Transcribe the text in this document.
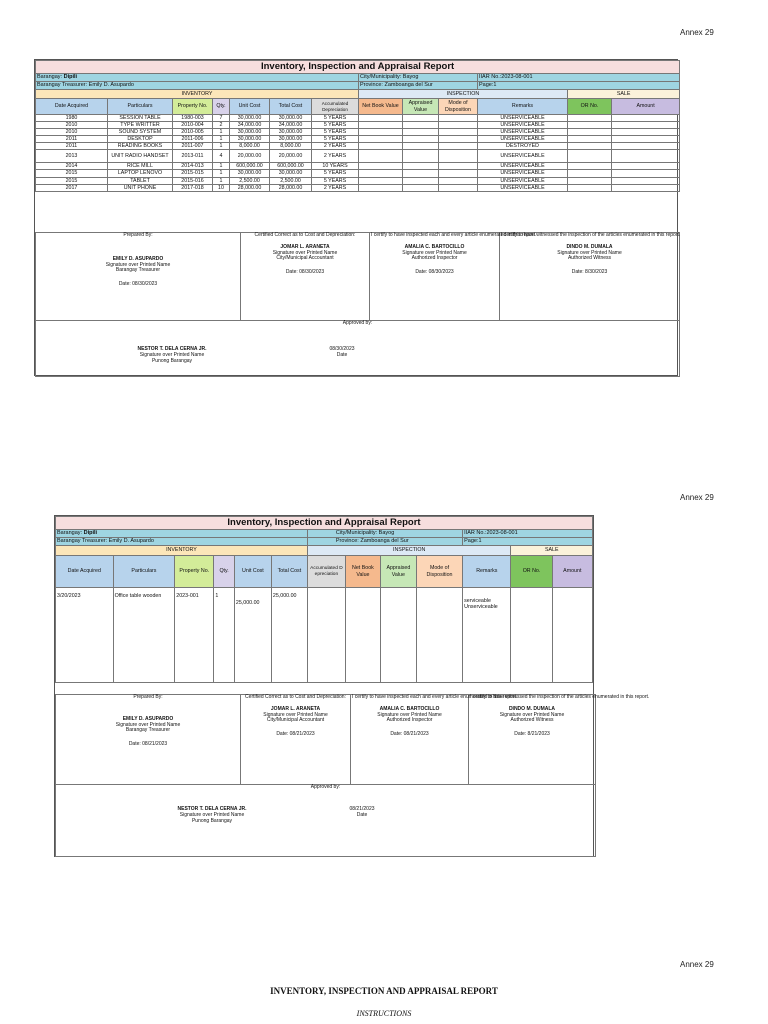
Annex 29
Annex 29
Annex 29
Inventory, Inspection and Appraisal Report												
Barangay: Dipili							City/Municipality: Bayog			IIAR No.:2023-08-001		
Barangay Treasurer: Emily D. Asupardo							Province: Zamboanga del Sur			Page:1		
INVENTORY							INSPECTION				SALE	
Date Acquired	Particulars	Property No.	Qty.	Unit Cost	Total Cost	Accumulated Depreciation	Net Book Value	Appraised Value	Mode of Disposition	Remarks	OR No.	Amount
1980	SESSION TABLE	1980-003	7	30,000.00	30,000.00	5 YEARS				UNSERVICEABLE		
2010	TYPE WRITTER	2010-004	2	34,000.00	34,000.00	5 YEARS				UNSERVICEABLE		
2010	SOUND SYSTEM	2010-005	1	30,000.00	30,000.00	5 YEARS				UNSERVICEABLE		
2011	DESKTOP	2011-006	1	30,000.00	30,000.00	5 YEARS				UNSERVICEABLE		
2011	READING BOOKS	2011-007	1	8,000.00	8,000.00	2 YEARS				DESTROYED		
2013	UNIT RADIO HANDSET	2013-011	4	20,000.00	20,000.00	2 YEARS				UNSERVICEABLE		
2014	RICE MILL	2014-013	1	600,000.00	600,000.00	10 YEARS				UNSERVICEABLE		
2015	LAPTOP LENOVO	2015-015	1	30,000.00	30,000.00	5 YEARS				UNSERVICEABLE		
2015	TABLET	2015-016	1	2,500.00	2,500.00	5 YEARS				UNSERVICEABLE		
2017	UNIT PHONE	2017-018	10	28,000.00	28,000.00	2 YEARS				UNSERVICEABLE		
Prepared By:
EMILY D. ASUPARDO
Signature over Printed Name
Barangay Treasurer
Date: 08/30/2023
	Certified Correct as to Cost and Depreciation:
JOMAR L. ARANETA
Signature over Printed Name
City/Municipal Accountant
Date: 08/30/2023
	I certify to have inspected each and every article enumerated in this report.
AMALIA C. BARTOCILLO
Signature over Printed Name
Authorized Inspector
Date: 08/30/2023
	I certify to have witnessed the inspection of the articles enumerated in this report.
DINDO M. DUMALA
Signature over Printed Name
Authorized Witness
Date: 8/30/2023

Approved by:
NESTOR T. DELA CERNA JR.
Signature over Printed Name
Punong Barangay
08/30/2023
Date
Inventory, Inspection and Appraisal Report												
Barangay: Dipili						City/Municipality: Bayog				IIAR No.:2023-08-001		
Barangay Treasurer: Emily D. Asupardo						Province: Zamboanga del Sur				Page:1		
INVENTORY						INSPECTION					SALE	
Date Acquired	Particulars	Property No.	Qty.	Unit Cost	Total Cost	Accumulated Depreciation	Net Book Value	Appraised Value	Mode of Disposition	Remarks	OR No.	Amount
3/20/2023	Office table wooden	2023-001	1	25,000.00	25,000.00					serviceable
Unserviceable		

Prepared By:
EMILY D. ASUPARDO
Signature over Printed Name
Barangay Treasurer
Date: 08/21/2023
	Certified Correct as to Cost and Depreciation:
JOMAR L. ARANETA
Signature over Printed Name
City/Municipal Accountant
Date: 08/21/2023
	I certify to have inspected each and every article enumerated in this report.
AMALIA C. BARTOCILLO
Signature over Printed Name
Authorized Inspector
Date: 08/21/2023
	I certify to have witnessed the inspection of the articles enumerated in this report.
DINDO M. DUMALA
Signature over Printed Name
Authorized Witness
Date: 8/21/2023

Approved by:
NESTOR T. DELA CERNA JR.
Signature over Printed Name
Punong Barangay
08/21/2023
Date
INVENTORY, INSPECTION AND APPRAISAL REPORT
INSTRUCTIONS
